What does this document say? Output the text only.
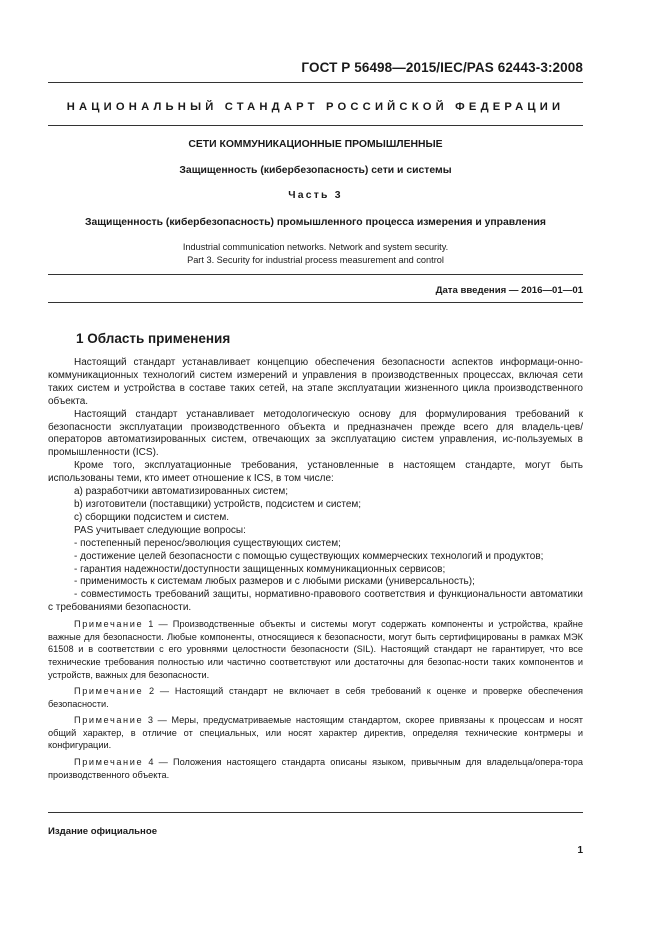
ГОСТ Р 56498—2015/IEC/PAS 62443-3:2008
НАЦИОНАЛЬНЫЙ СТАНДАРТ РОССИЙСКОЙ ФЕДЕРАЦИИ
СЕТИ КОММУНИКАЦИОННЫЕ ПРОМЫШЛЕННЫЕ
Защищенность (кибербезопасность) сети и системы
Часть 3
Защищенность (кибербезопасность) промышленного процесса измерения и управления
Industrial communication networks. Network and system security.
Part 3. Security for industrial process measurement and control
Дата введения — 2016—01—01
1 Область применения

Настоящий стандарт устанавливает концепцию обеспечения безопасности аспектов информаци-онно-коммуникационных технологий систем измерений и управления в производственных процессах, включая сети таких систем и устройства в составе таких сетей, на этапе эксплуатации жизненного цикла производственного объекта.

Настоящий стандарт устанавливает методологическую основу для формулирования требований к безопасности эксплуатации производственного объекта и предназначен прежде всего для владель-цев/операторов автоматизированных систем, отвечающих за эксплуатацию систем управления, ис-пользуемых в промышленности (ICS).

Кроме того, эксплуатационные требования, установленные в настоящем стандарте, могут быть использованы теми, кто имеет отношение к ICS, в том числе:

а) разработчики автоматизированных систем;

b) изготовители (поставщики) устройств, подсистем и систем;

с) сборщики подсистем и систем.

PAS учитывает следующие вопросы:

- постепенный перенос/эволюция существующих систем;

- достижение целей безопасности с помощью существующих коммерческих технологий и продуктов;

- гарантия надежности/доступности защищенных коммуникационных сервисов;

- применимость к системам любых размеров и с любыми рисками (универсальность);

- совместимость требований защиты, нормативно-правового соответствия и функциональности автоматики с требованиями безопасности.

Примечание 1 — Производственные объекты и системы могут содержать компоненты и устройства, крайне важные для безопасности. Любые компоненты, относящиеся к безопасности, могут быть сертифицированы в рамках МЭК 61508 и в соответствии с его уровнями целостности безопасности (SIL). Настоящий стандарт не гарантирует, что все технические требования полностью или частично соответствуют или достаточны для безопас-ности таких компонентов и устройств, важных для безопасности.

Примечание 2 — Настоящий стандарт не включает в себя требований к оценке и проверке обеспечения безопасности.

Примечание 3 — Меры, предусматриваемые настоящим стандартом, скорее привязаны к процессам и носят общий характер, в отличие от специальных, или носят характер директив, определяя технические контрмеры и конфигурации.

Примечание 4 — Положения настоящего стандарта описаны языком, привычным для владельца/опера-тора производственного объекта.

Издание официальное
1
